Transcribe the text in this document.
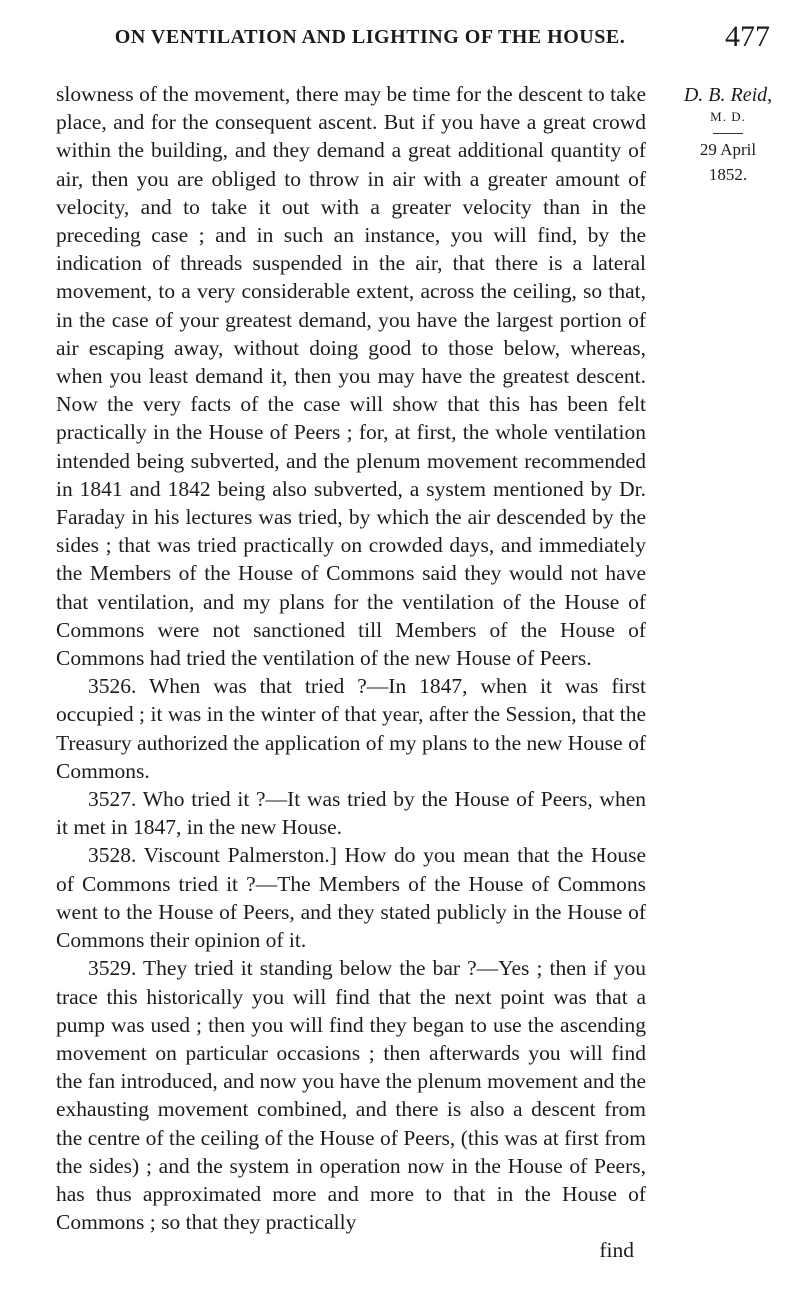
ON VENTILATION AND LIGHTING OF THE HOUSE.	477
D. B. Reid,
M. D.
29 April
1852.

slowness of the movement, there may be time for the descent to take place, and for the consequent ascent. But if you have a great crowd within the building, and they demand a great additional quantity of air, then you are obliged to throw in air with a greater amount of velocity, and to take it out with a greater velocity than in the preceding case ; and in such an instance, you will find, by the indication of threads suspended in the air, that there is a lateral movement, to a very considerable extent, across the ceiling, so that, in the case of your greatest demand, you have the largest portion of air escaping away, without doing good to those below, whereas, when you least demand it, then you may have the greatest descent. Now the very facts of the case will show that this has been felt practically in the House of Peers ; for, at first, the whole ventilation intended being subverted, and the plenum movement recommended in 1841 and 1842 being also subverted, a system mentioned by Dr. Faraday in his lectures was tried, by which the air descended by the sides ; that was tried practically on crowded days, and immediately the Members of the House of Commons said they would not have that ventilation, and my plans for the ventilation of the House of Commons were not sanctioned till Members of the House of Commons had tried the ventilation of the new House of Peers.

3526. When was that tried ?—In 1847, when it was first occupied ; it was in the winter of that year, after the Session, that the Treasury authorized the application of my plans to the new House of Commons.

3527. Who tried it ?—It was tried by the House of Peers, when it met in 1847, in the new House.

3528. Viscount Palmerston.] How do you mean that the House of Commons tried it ?—The Members of the House of Commons went to the House of Peers, and they stated publicly in the House of Commons their opinion of it.

3529. They tried it standing below the bar ?—Yes ; then if you trace this historically you will find that the next point was that a pump was used ; then you will find they began to use the ascending movement on particular occasions ; then afterwards you will find the fan introduced, and now you have the plenum movement and the exhausting movement combined, and there is also a descent from the centre of the ceiling of the House of Peers, (this was at first from the sides) ; and the system in operation now in the House of Peers, has thus approximated more and more to that in the House of Commons ; so that they practically

find
